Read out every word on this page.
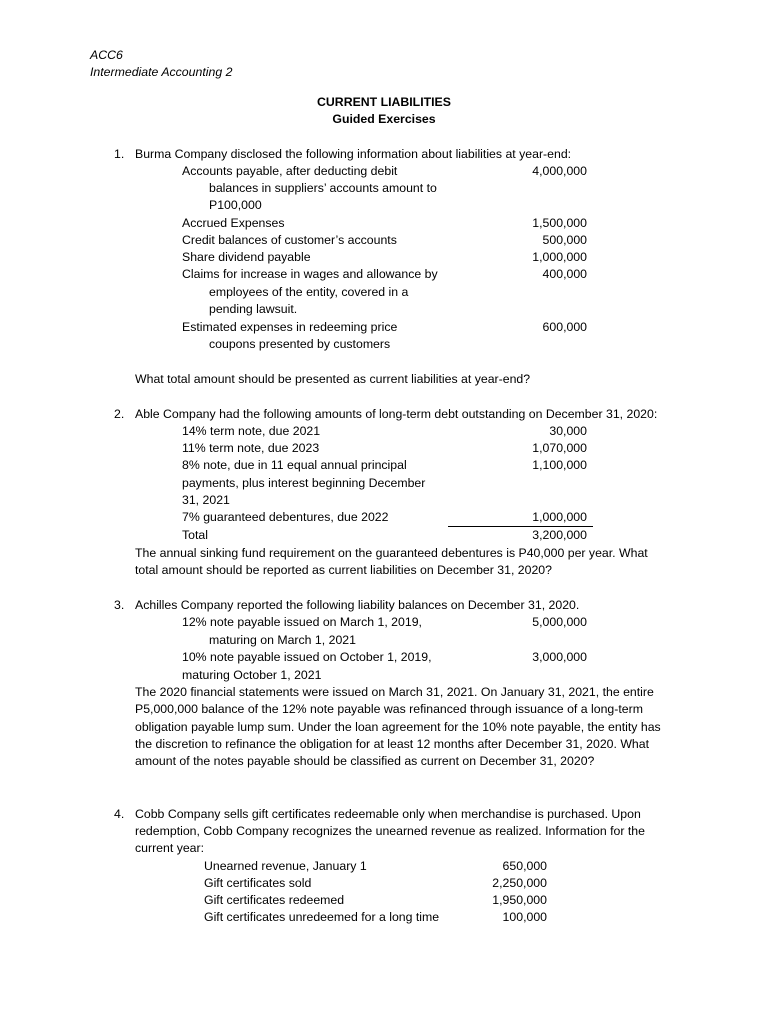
ACC6
Intermediate Accounting 2
CURRENT LIABILITIES
Guided Exercises
1. Burma Company disclosed the following information about liabilities at year-end:
Accounts payable, after deducting debit
balances in suppliers’ accounts amount to
P100,000
4,000,000
Accrued Expenses	1,500,000
Credit balances of customer’s accounts	500,000
Share dividend payable	1,000,000
Claims for increase in wages and allowance by
employees of the entity, covered in a
pending lawsuit.
400,000
Estimated expenses in redeeming price
coupons presented by customers
600,000
What total amount should be presented as current liabilities at year-end?
2. Able Company had the following amounts of long-term debt outstanding on December 31, 2020:
14% term note, due 2021	30,000
11% term note, due 2023	1,070,000
8% note, due in 11 equal annual principal
payments, plus interest beginning December
31, 2021
1,100,000
7% guaranteed debentures, due 2022	1,000,000
Total	3,200,000
The annual sinking fund requirement on the guaranteed debentures is P40,000 per year. What
total amount should be reported as current liabilities on December 31, 2020?
3. Achilles Company reported the following liability balances on December 31, 2020.
12% note payable issued on March 1, 2019,
maturing on March 1, 2021
5,000,000
10% note payable issued on October 1, 2019,
maturing October 1, 2021
3,000,000
The 2020 financial statements were issued on March 31, 2021. On January 31, 2021, the entire
P5,000,000 balance of the 12% note payable was refinanced through issuance of a long-term
obligation payable lump sum. Under the loan agreement for the 10% note payable, the entity has
the discretion to refinance the obligation for at least 12 months after December 31, 2020. What
amount of the notes payable should be classified as current on December 31, 2020?
4. Cobb Company sells gift certificates redeemable only when merchandise is purchased. Upon
redemption, Cobb Company recognizes the unearned revenue as realized. Information for the
current year:
Unearned revenue, January 1	650,000
Gift certificates sold	2,250,000
Gift certificates redeemed	1,950,000
Gift certificates unredeemed for a long time	100,000
